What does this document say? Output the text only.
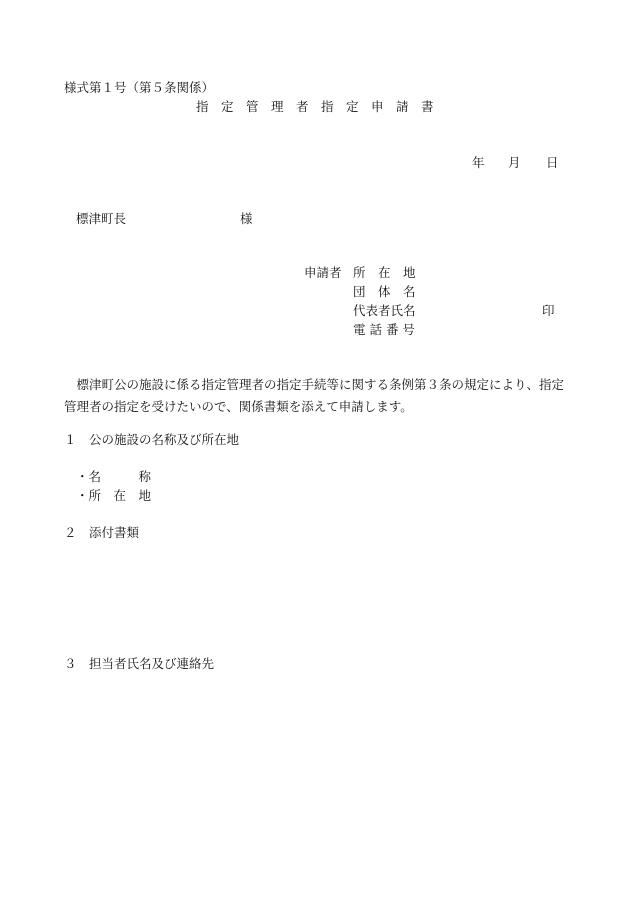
様式第１号（第５条関係）
指　定　管　理　者　指　定　申　請　書
年 月 日
標津町長	様
申請者 所　在　地
団　体　名
代表者氏名	印
電 話 番 号
　標津町公の施設に係る指定管理者の指定手続等に関する条例第３条の規定により、指定管理者の指定を受けたいので、関係書類を添えて申請します。
１ 公の施設の名称及び所在地
・名　　　称
・所　在　地
２ 添付書類
３ 担当者氏名及び連絡先
